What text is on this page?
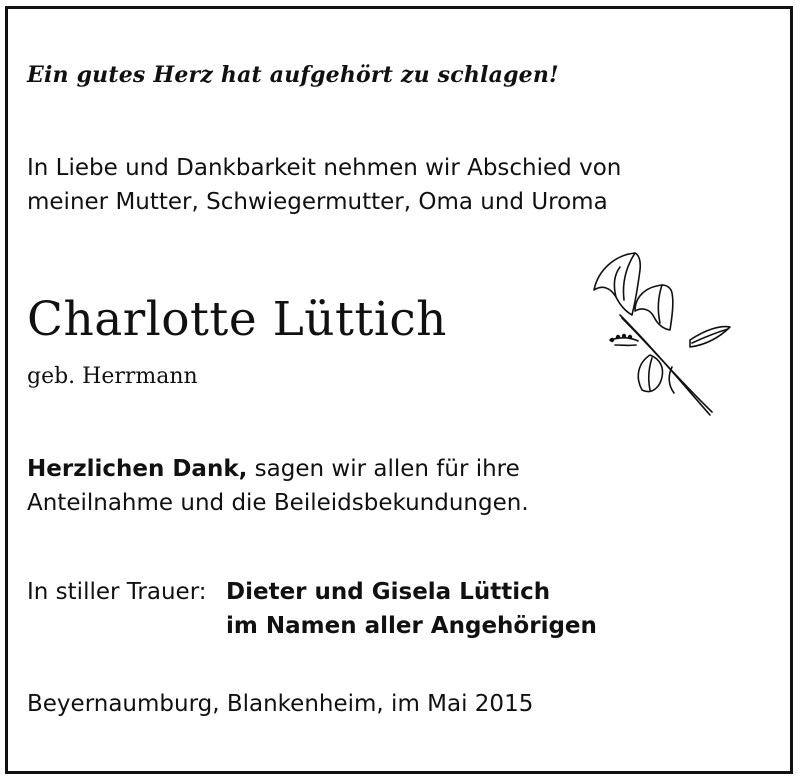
Ein gutes Herz hat aufgehört zu schlagen!
In Liebe und Dankbarkeit nehmen wir Abschied von
meiner Mutter, Schwiegermutter, Oma und Uroma
Charlotte Lüttich
geb. Herrmann
Herzlichen Dank, sagen wir allen für ihre
Anteilnahme und die Beileidsbekundungen.
In stiller Trauer: Dieter und Gisela Lüttich
im Namen aller Angehörigen
Beyernaumburg, Blankenheim, im Mai 2015
